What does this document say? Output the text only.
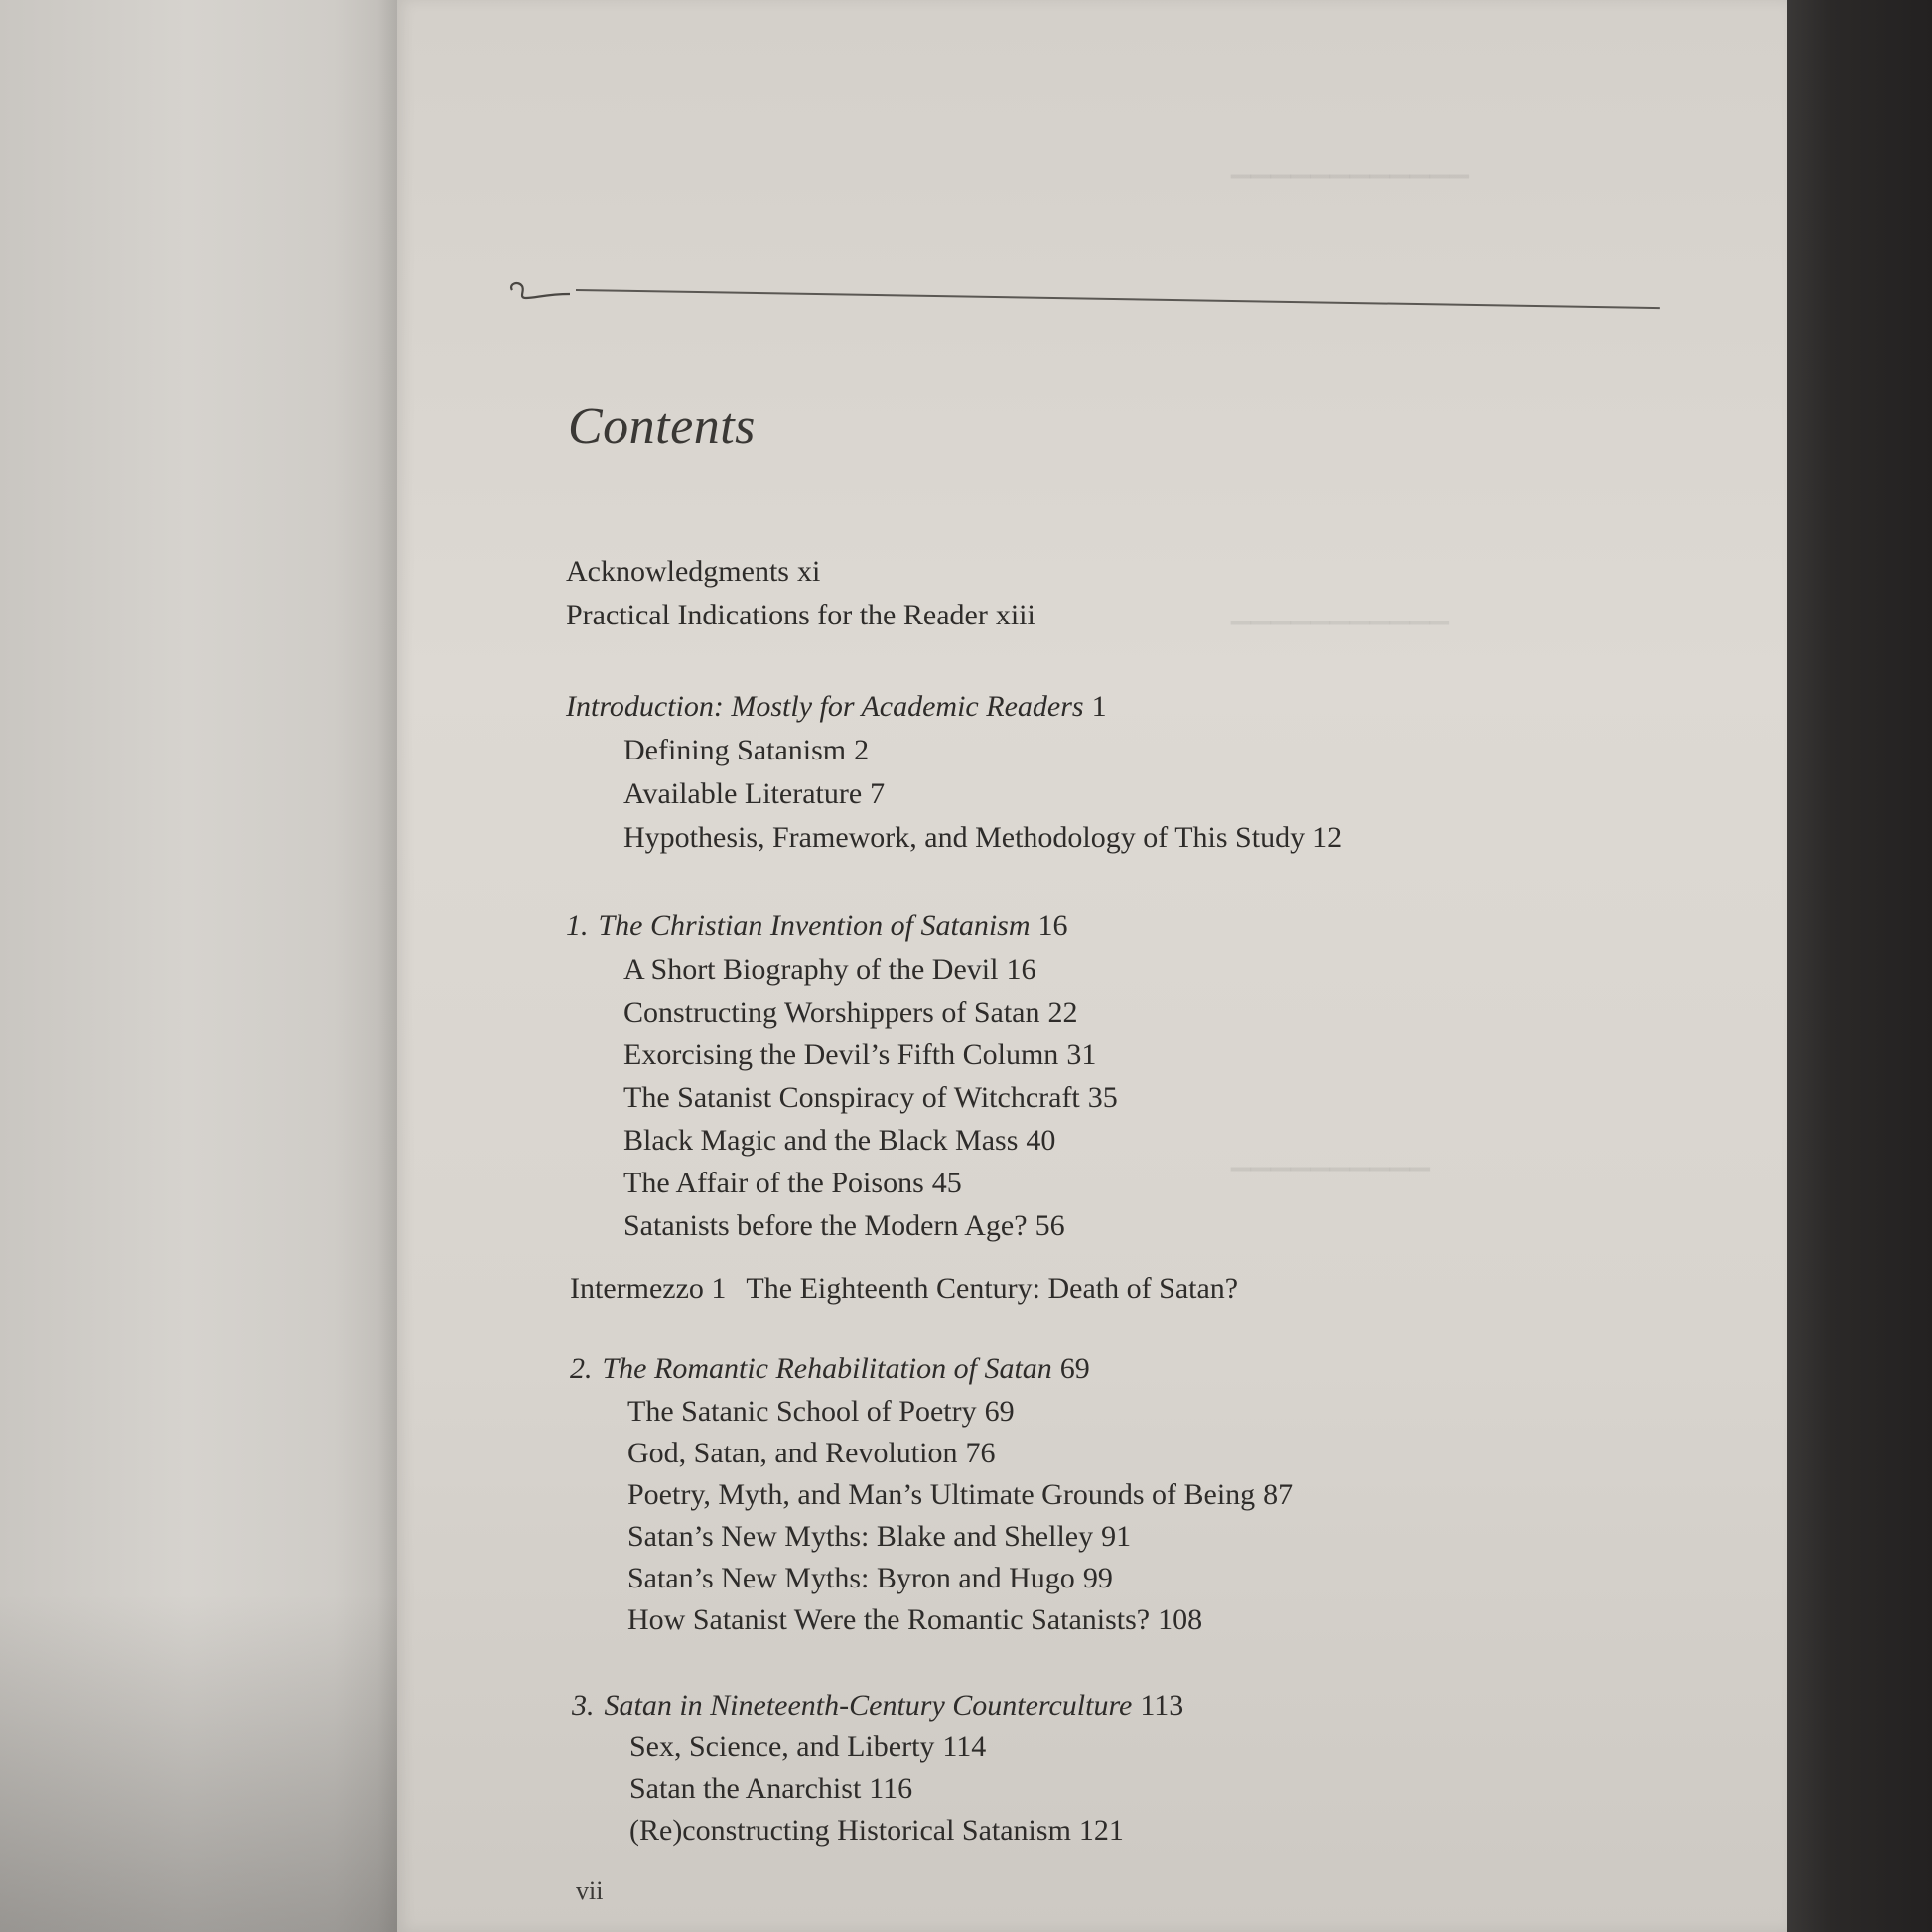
▁▁▁▁▁▁▁▁▁▁▁▁
▁▁▁▁▁▁▁▁▁▁▁
▁▁▁▁▁▁▁▁▁▁
Contents
Acknowledgments xi
Practical Indications for the Reader xiii
Introduction: Mostly for Academic Readers 1
Defining Satanism 2
Available Literature 7
Hypothesis, Framework, and Methodology of This Study 12
1. The Christian Invention of Satanism 16
A Short Biography of the Devil 16
Constructing Worshippers of Satan 22
Exorcising the Devil’s Fifth Column 31
The Satanist Conspiracy of Witchcraft 35
Black Magic and the Black Mass 40
The Affair of the Poisons 45
Satanists before the Modern Age? 56
Intermezzo 1 The Eighteenth Century: Death of Satan?
2. The Romantic Rehabilitation of Satan 69
The Satanic School of Poetry 69
God, Satan, and Revolution 76
Poetry, Myth, and Man’s Ultimate Grounds of Being 87
Satan’s New Myths: Blake and Shelley 91
Satan’s New Myths: Byron and Hugo 99
How Satanist Were the Romantic Satanists? 108
3. Satan in Nineteenth-Century Counterculture 113
Sex, Science, and Liberty 114
Satan the Anarchist 116
(Re)constructing Historical Satanism 121
vii
